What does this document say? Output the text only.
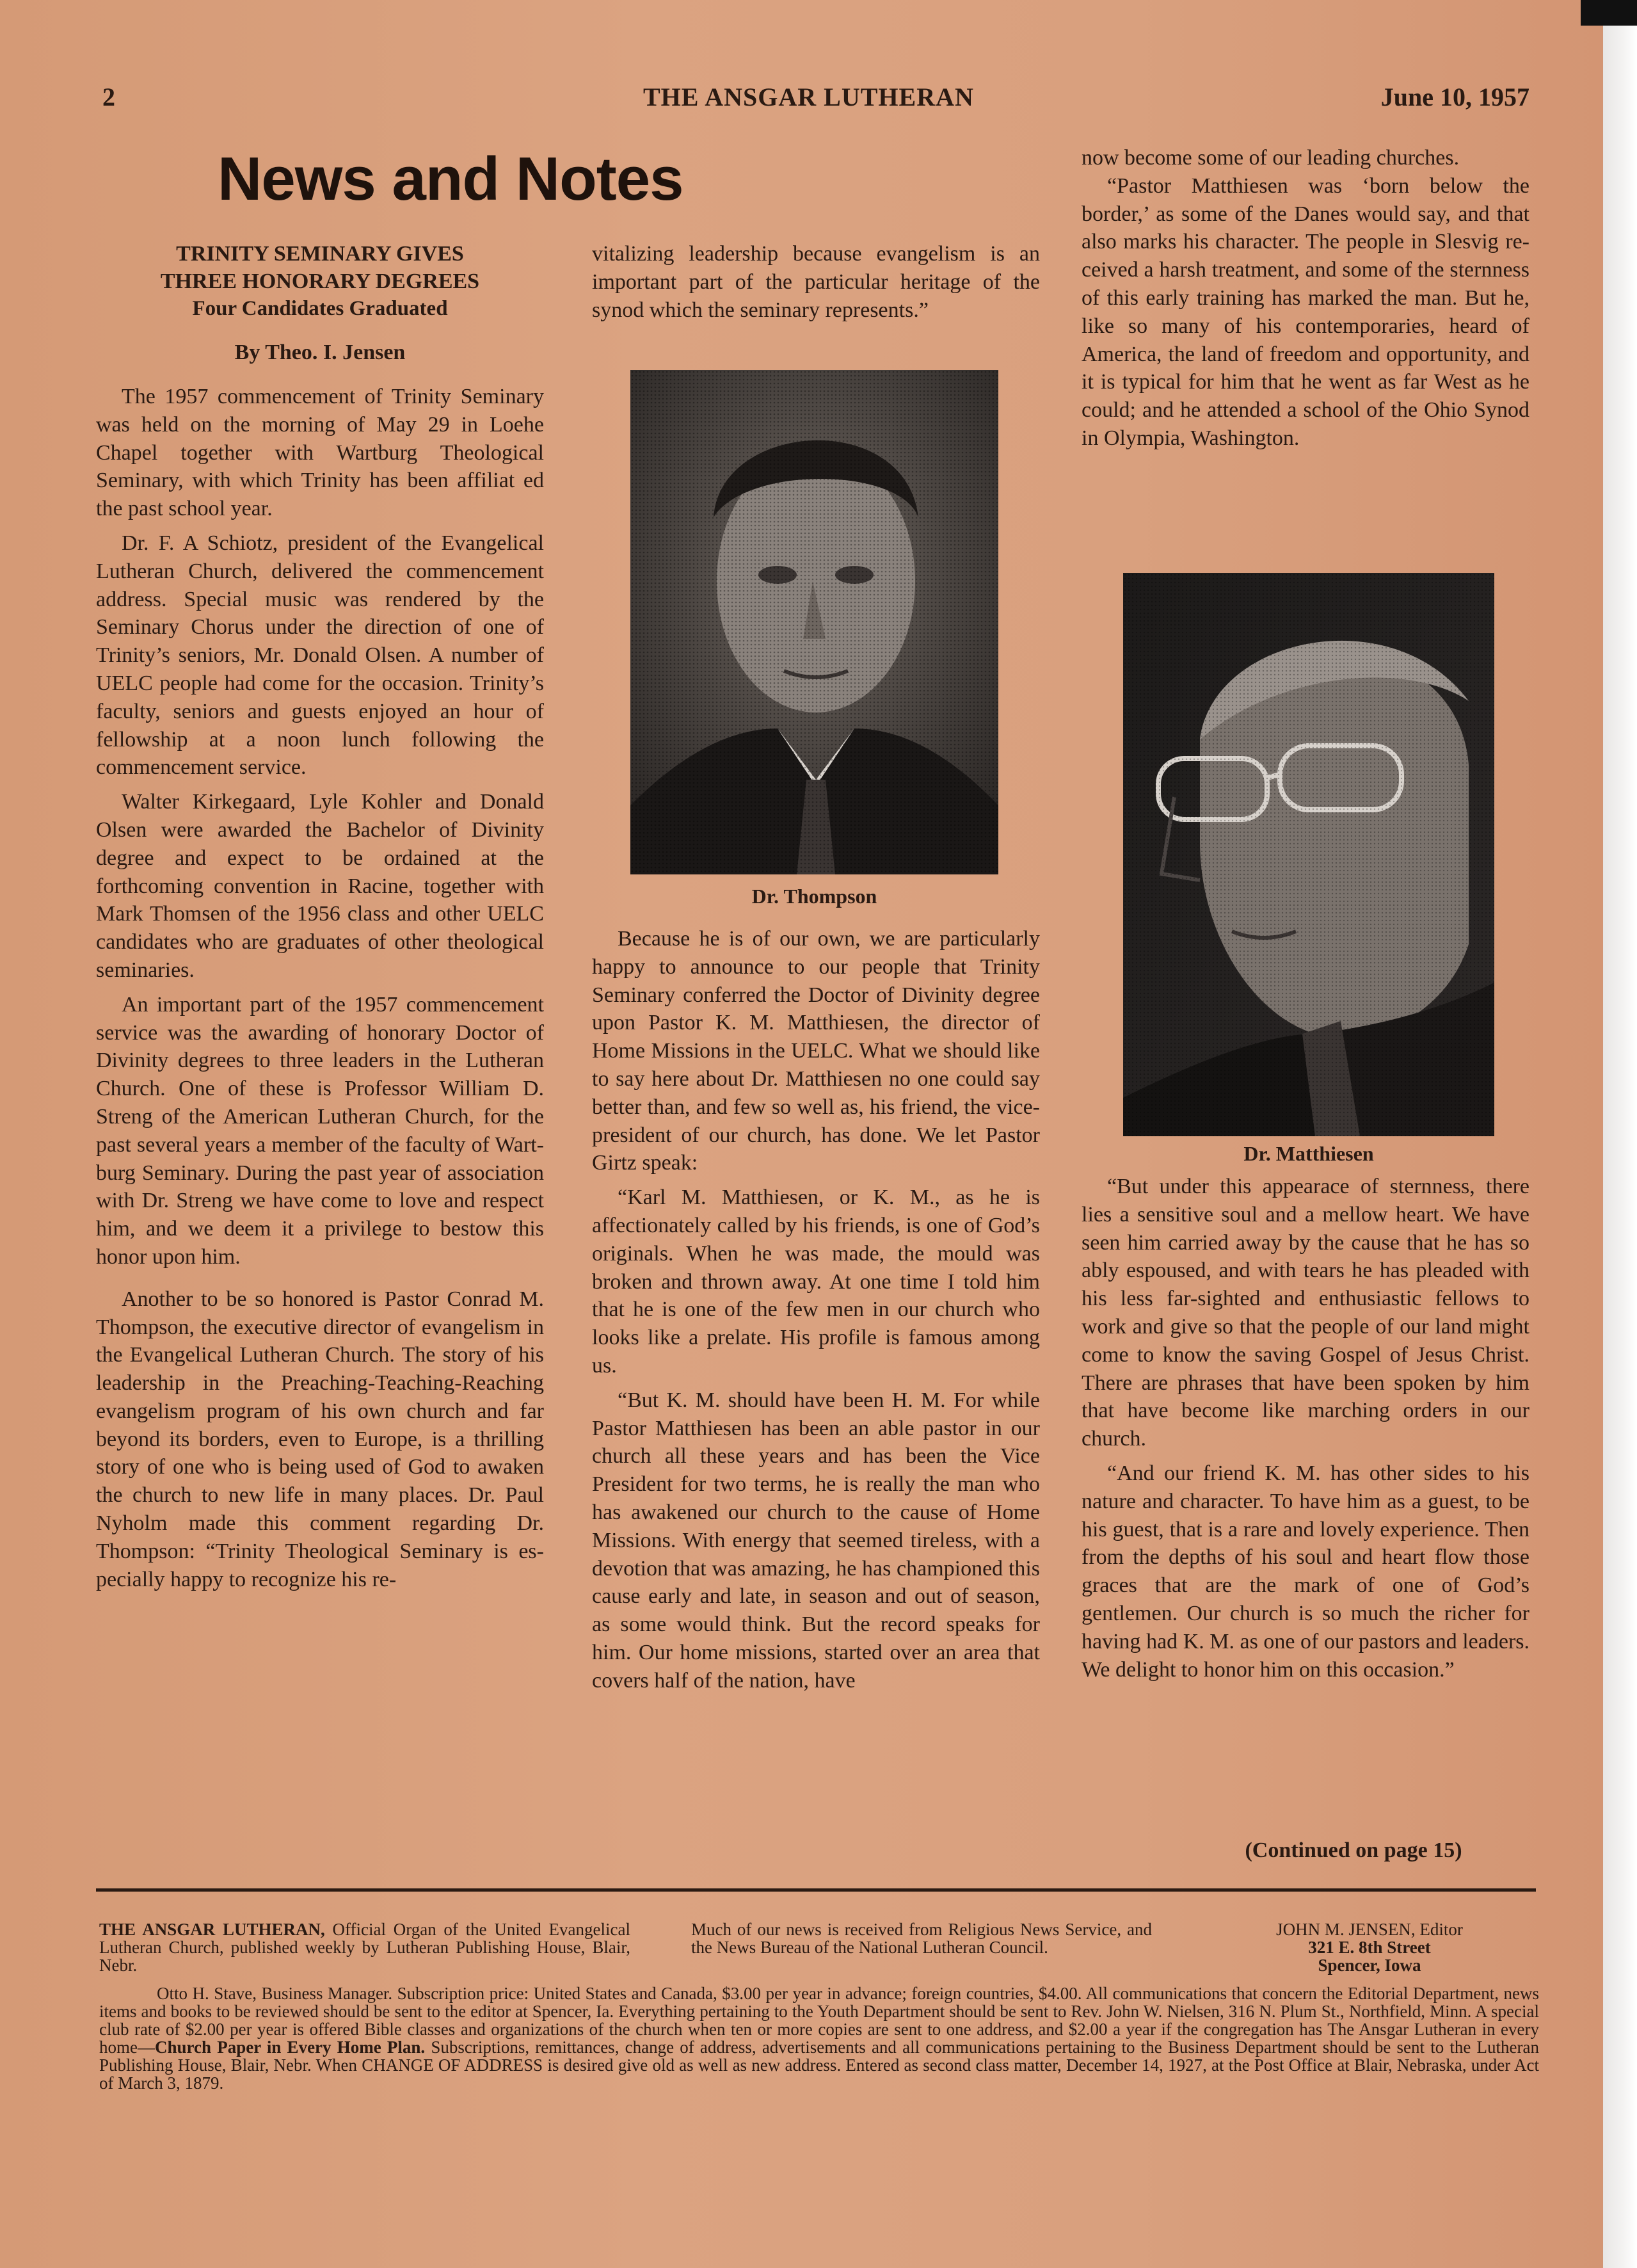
2	THE ANSGAR LUTHERAN	June 10, 1957
News and Notes
TRINITY SEMINARY GIVES
THREE HONORARY DEGREES
Four Candidates Graduated
By Theo. I. Jensen

The 1957 commencement of Trinity Seminary was held on the morning of May 29 in Loehe Chapel together with Wartburg Theological Seminary, with which Trinity has been affiliat ed the past school year.

Dr. F. A Schiotz, president of the Evangelical Lutheran Church, delivered the commencement address. Special music was rendered by the Seminary Chorus under the direction of one of Trinity’s seniors, Mr. Donald Olsen. A number of UELC people had come for the occasion. Trinity’s faculty, seniors and guests enjoyed an hour of fellowship at a noon lunch following the commencement service.

Walter Kirkegaard, Lyle Kohler and Donald Olsen were awarded the Bachelor of Divinity degree and expect to be ordained at the forthcoming convention in Racine, together with Mark Thomsen of the 1956 class and other UELC candidates who are graduates of other theological seminaries.

An important part of the 1957 commencement service was the awarding of honorary Doctor of Divinity degrees to three leaders in the Lutheran Church. One of these is Professor William D. Streng of the American Lutheran Church, for the past several years a member of the faculty of Wartburg Seminary. During the past year of association with Dr. Streng we have come to love and respect him, and we deem it a privilege to bestow this honor upon him.

Another to be so honored is Pastor Conrad M. Thompson, the executive director of evangelism in the Evangelical Lutheran Church. The story of his leadership in the Preaching-Teaching-Reaching evangelism program of his own church and far beyond its borders, even to Europe, is a thrilling story of one who is being used of God to awaken the church to new life in many places. Dr. Paul Nyholm made this comment regarding Dr. Thompson: “Trinity Theological Seminary is especially happy to recognize his re-

vitalizing leadership because evangelism is an important part of the particular heritage of the synod which the seminary represents.”

Dr. Thompson

Because he is of our own, we are particularly happy to announce to our people that Trinity Seminary conferred the Doctor of Divinity degree upon Pastor K. M. Matthiesen, the director of Home Missions in the UELC. What we should like to say here about Dr. Matthiesen no one could say better than, and few so well as, his friend, the vice-president of our church, has done. We let Pastor Girtz speak:

“Karl M. Matthiesen, or K. M., as he is affectionately called by his friends, is one of God’s originals. When he was made, the mould was broken and thrown away. At one time I told him that he is one of the few men in our church who looks like a prelate. His profile is famous among us.

“But K. M. should have been H. M. For while Pastor Matthiesen has been an able pastor in our church all these years and has been the Vice President for two terms, he is really the man who has awakened our church to the cause of Home Missions. With energy that seemed tireless, with a devotion that was amazing, he has championed this cause early and late, in season and out of season, as some would think. But the record speaks for him. Our home missions, started over an area that covers half of the nation, have

now become some of our leading churches.

“Pastor Matthiesen was ‘born below the border,’ as some of the Danes would say, and that also marks his character. The people in Slesvig received a harsh treatment, and some of the sternness of this early training has marked the man. But he, like so many of his contemporaries, heard of America, the land of freedom and opportunity, and it is typical for him that he went as far West as he could; and he attended a school of the Ohio Synod in Olympia, Washington.

Dr. Matthiesen

“But under this appearace of sternness, there lies a sensitive soul and a mellow heart. We have seen him carried away by the cause that he has so ably espoused, and with tears he has pleaded with his less far-sighted and enthusiastic fellows to work and give so that the people of our land might come to know the saving Gospel of Jesus Christ. There are phrases that have been spoken by him that have become like marching orders in our church.

“And our friend K. M. has other sides to his nature and character. To have him as a guest, to be his guest, that is a rare and lovely experience. Then from the depths of his soul and heart flow those graces that are the mark of one of God’s gentlemen. Our church is so much the richer for having had K. M. as one of our pastors and leaders. We delight to honor him on this occasion.”

(Continued on page 15)
THE ANSGAR LUTHERAN, Official Organ of the United Evangelical Lutheran Church, published weekly by Lutheran Publishing House, Blair, Nebr.
Much of our news is received from Religious News Service, and the News Bureau of the National Lutheran Council.
JOHN M. JENSEN, Editor
321 E. 8th Street
Spencer, Iowa
Otto H. Stave, Business Manager. Subscription price: United States and Canada, $3.00 per year in advance; foreign countries, $4.00. All communications that concern the Editorial Department, news items and books to be reviewed should be sent to the editor at Spencer, Ia. Everything pertaining to the Youth Department should be sent to Rev. John W. Nielsen, 316 N. Plum St., Northfield, Minn. A special club rate of $2.00 per year is offered Bible classes and organizations of the church when ten or more copies are sent to one address, and $2.00 a year if the congregation has The Ansgar Lutheran in every home—Church Paper in Every Home Plan. Subscriptions, remittances, change of address, advertisements and all communications pertaining to the Business Department should be sent to the Lutheran Publishing House, Blair, Nebr. When CHANGE OF ADDRESS is desired give old as well as new address. Entered as second class matter, December 14, 1927, at the Post Office at Blair, Nebraska, under Act of March 3, 1879.
